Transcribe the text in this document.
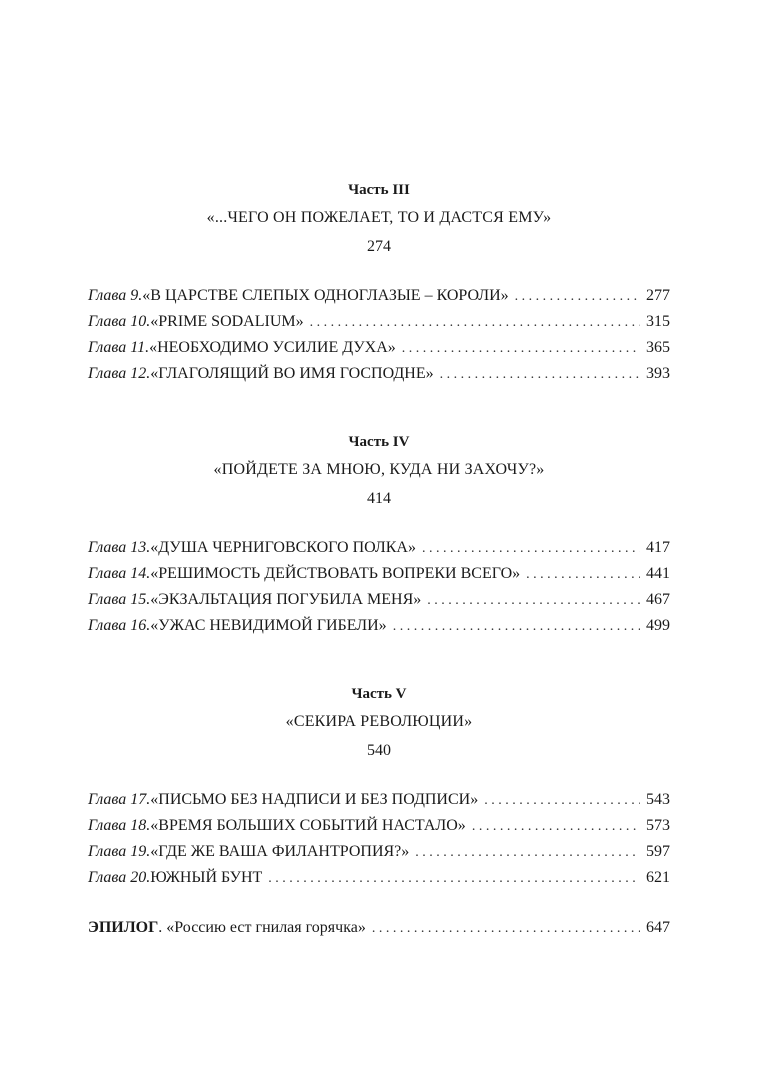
Часть III
«...ЧЕГО ОН ПОЖЕЛАЕТ, ТО И ДАСТСЯ ЕМУ»
274
Глава 9. «В ЦАРСТВЕ СЛЕПЫХ ОДНОГЛАЗЫЕ – КОРОЛИ» . . .	277
Глава 10. «PRIME SODALIUM» . . .	315
Глава 11. «НЕОБХОДИМО УСИЛИЕ ДУХА» . . .	365
Глава 12. «ГЛАГОЛЯЩИЙ ВО ИМЯ ГОСПОДНЕ» . . .	393
Часть IV
«ПОЙДЕТЕ ЗА МНОЮ, КУДА НИ ЗАХОЧУ?»
414
Глава 13. «ДУША ЧЕРНИГОВСКОГО ПОЛКА» . . .	417
Глава 14. «РЕШИМОСТЬ ДЕЙСТВОВАТЬ ВОПРЕКИ ВСЕГО» . . .	441
Глава 15. «ЭКЗАЛЬТАЦИЯ ПОГУБИЛА МЕНЯ» . . .	467
Глава 16. «УЖАС НЕВИДИМОЙ ГИБЕЛИ» . . .	499
Часть V
«СЕКИРА РЕВОЛЮЦИИ»
540
Глава 17. «ПИСЬМО БЕЗ НАДПИСИ И БЕЗ ПОДПИСИ» . . .	543
Глава 18. «ВРЕМЯ БОЛЬШИХ СОБЫТИЙ НАСТАЛО» . . .	573
Глава 19. «ГДЕ ЖЕ ВАША ФИЛАНТРОПИЯ?» . . .	597
Глава 20. ЮЖНЫЙ БУНТ . . .	621
ЭПИЛОГ . «Россию ест гнилая горячка» . . .	647
